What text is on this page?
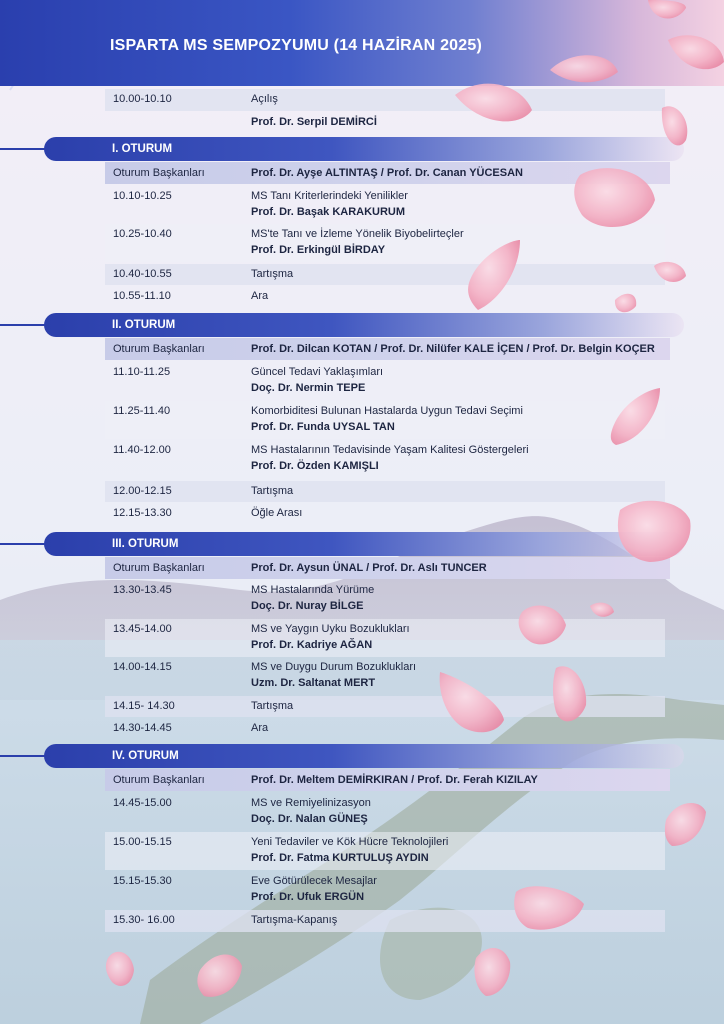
ISPARTA MS SEMPOZYUMU (14 HAZİRAN 2025)
10.00-10.10	Açılış
Prof. Dr. Serpil DEMİRCİ
I. OTURUM
Oturum Başkanları	Prof. Dr. Ayşe ALTINTAŞ / Prof. Dr. Canan YÜCESAN
10.10-10.25	MS Tanı Kriterlerindeki Yenilikler
Prof. Dr. Başak KARAKURUM
10.25-10.40	MS'te Tanı ve İzleme Yönelik Biyobelirteçler
Prof. Dr. Erkingül BİRDAY
10.40-10.55	Tartışma
10.55-11.10	Ara
II. OTURUM
Oturum Başkanları	Prof. Dr. Dilcan KOTAN / Prof. Dr. Nilüfer KALE İÇEN / Prof. Dr. Belgin KOÇER
11.10-11.25	Güncel Tedavi Yaklaşımları
Doç. Dr. Nermin TEPE
11.25-11.40	Komorbiditesi Bulunan Hastalarda Uygun Tedavi Seçimi
Prof. Dr. Funda UYSAL TAN
11.40-12.00	MS Hastalarının Tedavisinde Yaşam Kalitesi Göstergeleri
Prof. Dr. Özden KAMIŞLI
12.00-12.15	Tartışma
12.15-13.30	Öğle Arası
III. OTURUM
Oturum Başkanları	Prof. Dr. Aysun ÜNAL / Prof. Dr. Aslı TUNCER
13.30-13.45	MS Hastalarında Yürüme
Doç. Dr. Nuray BİLGE
13.45-14.00	MS ve Yaygın Uyku Bozuklukları
Prof. Dr. Kadriye AĞAN
14.00-14.15	MS ve Duygu Durum Bozuklukları
Uzm. Dr. Saltanat MERT
14.15- 14.30	Tartışma
14.30-14.45	Ara
IV. OTURUM
Oturum Başkanları	Prof. Dr. Meltem DEMİRKIRAN / Prof. Dr. Ferah KIZILAY
14.45-15.00	MS ve Remiyelinizasyon
Doç. Dr. Nalan GÜNEŞ
15.00-15.15	Yeni Tedaviler ve Kök Hücre Teknolojileri
Prof. Dr. Fatma KURTULUŞ AYDIN
15.15-15.30	Eve Götürülecek Mesajlar
Prof. Dr. Ufuk ERGÜN
15.30- 16.00	Tartışma-Kapanış
